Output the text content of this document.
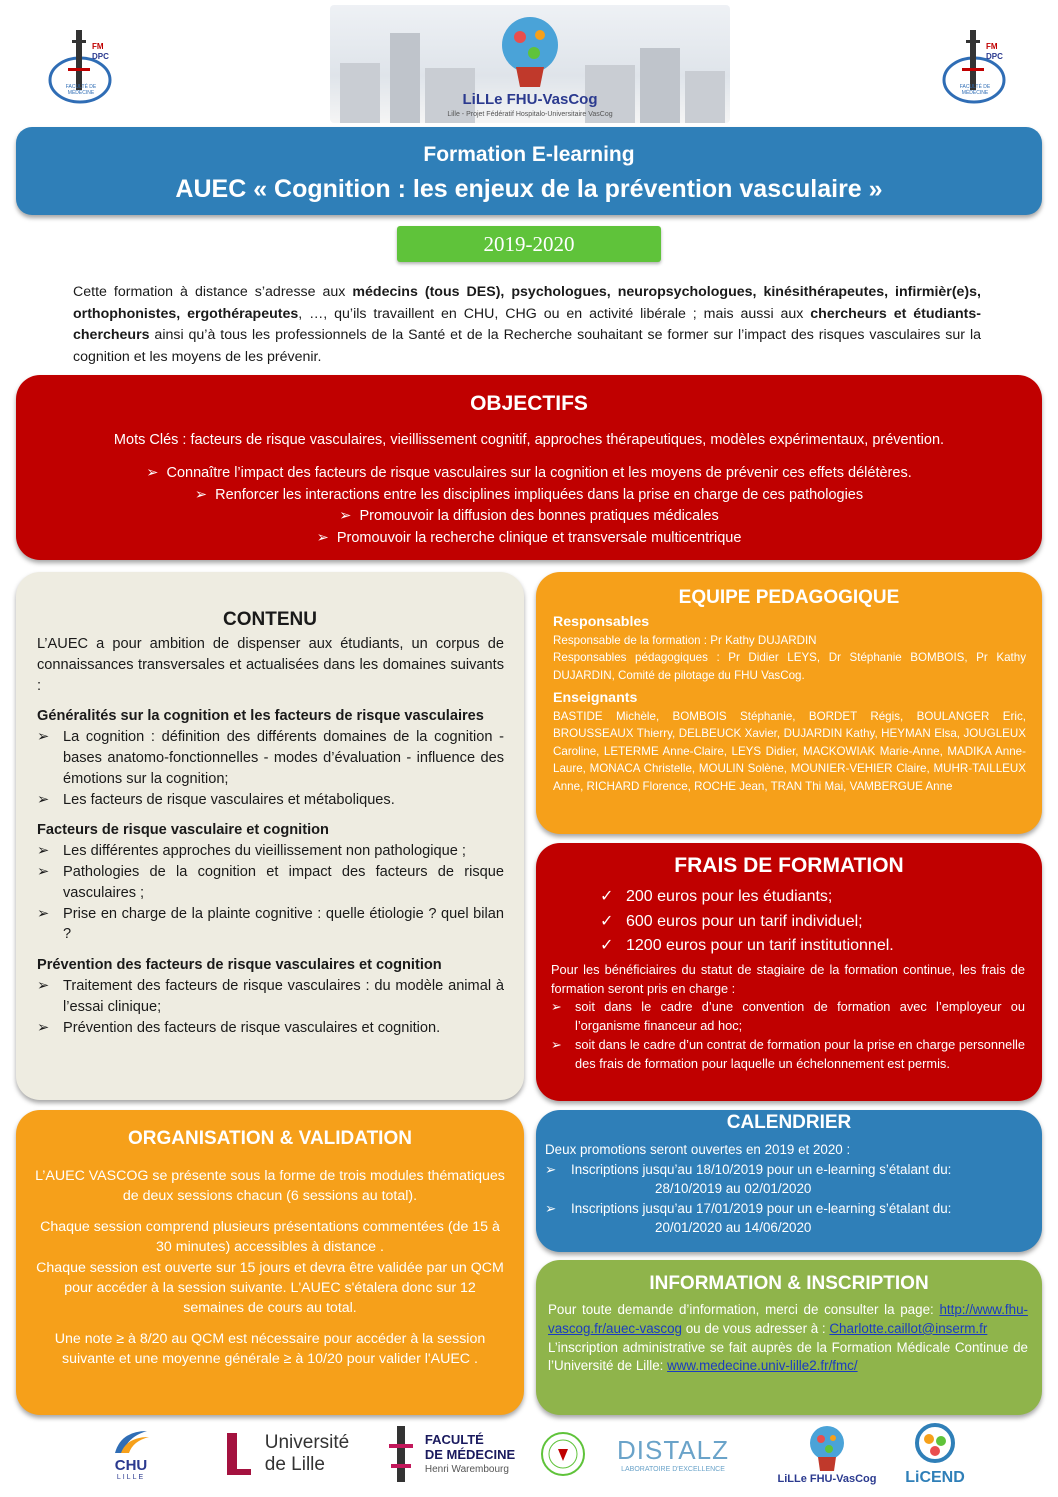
FM
DPC
FACULTÉ DE MÉDECINE	LiLLe FHU-VasCog
Lille - Projet Fédératif Hospitalo-Universitaire VasCog
FM
DPC
FACULTÉ DE MÉDECINE
Formation E-learning
AUEC « Cognition : les enjeux de la prévention vasculaire »
2019-2020
Cette formation à distance s’adresse aux médecins (tous DES), psychologues, neuropsychologues, kinésithérapeutes, infirmièr(e)s, orthophonistes, ergothérapeutes, …, qu’ils travaillent en CHU, CHG ou en activité libérale ; mais aussi aux chercheurs et étudiants-chercheurs ainsi qu’à tous les professionnels de la Santé et de la Recherche souhaitant se former sur l’impact des risques vasculaires sur la cognition et les moyens de les prévenir.
OBJECTIFS
Mots Clés : facteurs de risque vasculaires, vieillissement cognitif, approches thérapeutiques, modèles expérimentaux, prévention.
➢  Connaître l’impact des facteurs de risque vasculaires sur la cognition et les moyens de prévenir ces effets délétères.
➢  Renforcer les interactions entre les disciplines impliquées dans la prise en charge de ces pathologies
➢  Promouvoir la diffusion des bonnes pratiques médicales
➢  Promouvoir la recherche clinique et transversale multicentrique
CONTENU
L’AUEC a pour ambition de dispenser aux étudiants, un corpus de connaissances transversales et actualisées dans les domaines suivants :
Généralités sur la cognition et les facteurs de risque vasculaires
➢ La cognition : définition des différents domaines de la cognition - bases anatomo-fonctionnelles - modes d’évaluation - influence des émotions sur la cognition;
➢ Les facteurs de risque vasculaires et métaboliques.
Facteurs de risque vasculaire et cognition
➢ Les différentes approches du vieillissement non pathologique ;
➢ Pathologies de la cognition et impact des facteurs de risque vasculaires ;
➢ Prise en charge de la plainte cognitive : quelle étiologie ? quel bilan ?
Prévention des facteurs de risque vasculaires et cognition
➢ Traitement des facteurs de risque vasculaires : du modèle animal à l’essai clinique;
➢ Prévention des facteurs de risque vasculaires et cognition.
EQUIPE PEDAGOGIQUE
Responsables
Responsable de la formation : Pr Kathy DUJARDIN
Responsables pédagogiques : Pr Didier LEYS, Dr Stéphanie BOMBOIS, Pr Kathy DUJARDIN, Comité de pilotage du FHU VasCog.
Enseignants
BASTIDE Michèle, BOMBOIS Stéphanie, BORDET Régis, BOULANGER Eric, BROUSSEAUX Thierry, DELBEUCK Xavier, DUJARDIN Kathy, HEYMAN Elsa, JOUGLEUX Caroline, LETERME Anne-Claire, LEYS Didier, MACKOWIAK Marie-Anne, MADIKA Anne-Laure, MONACA Christelle, MOULIN Solène, MOUNIER-VEHIER Claire, MUHR-TAILLEUX Anne, RICHARD Florence, ROCHE Jean, TRAN Thi Mai, VAMBERGUE Anne
FRAIS DE FORMATION
✓ 200 euros pour les étudiants;
✓ 600 euros pour un tarif individuel;
✓ 1200 euros pour un tarif institutionnel.
Pour les bénéficiaires du statut de stagiaire de la formation continue, les frais de formation seront pris en charge :
➢ soit dans le cadre d’une convention de formation avec l’employeur ou l’organisme financeur ad hoc;
➢ soit dans le cadre d’un contrat de formation pour la prise en charge personnelle des frais de formation pour laquelle un échelonnement est permis.
CALENDRIER
Deux promotions seront ouvertes en 2019 et 2020 :
➢ Inscriptions jusqu’au 18/10/2019 pour un e-learning s’étalant du:
28/10/2019 au 02/01/2020
➢ Inscriptions jusqu’au 17/01/2019 pour un e-learning s’étalant du:
20/01/2020 au 14/06/2020
ORGANISATION & VALIDATION

L’AUEC VASCOG se présente sous la forme de trois modules thématiques de deux sessions chacun (6 sessions au total).

Chaque session comprend plusieurs présentations commentées (de 15 à 30 minutes) accessibles à distance .

Chaque session est ouverte sur 15 jours et devra être validée par un QCM pour accéder à la session suivante. L'AUEC s'étalera donc sur 12 semaines de cours au total.

Une note ≥ à 8/20 au QCM est nécessaire pour accéder à la session suivante et une moyenne générale ≥ à 10/20 pour valider l'AUEC .

INFORMATION & INSCRIPTION
Pour toute demande d’information, merci de consulter la page: http://www.fhu-vascog.fr/auec-vascog ou de vous adresser à : Charlotte.caillot@inserm.fr
L’inscription administrative se fait auprès de la Formation Médicale Continue de l’Université de Lille: www.medecine.univ-lille2.fr/fmc/
CHU
LILLE
Université
de Lille
FACULTÉ
DE MÉDECINE
Henri Warembourg
DISTALZ
LABORATOIRE D'EXCELLENCE
LiLLe FHU-VasCog LiCEND
